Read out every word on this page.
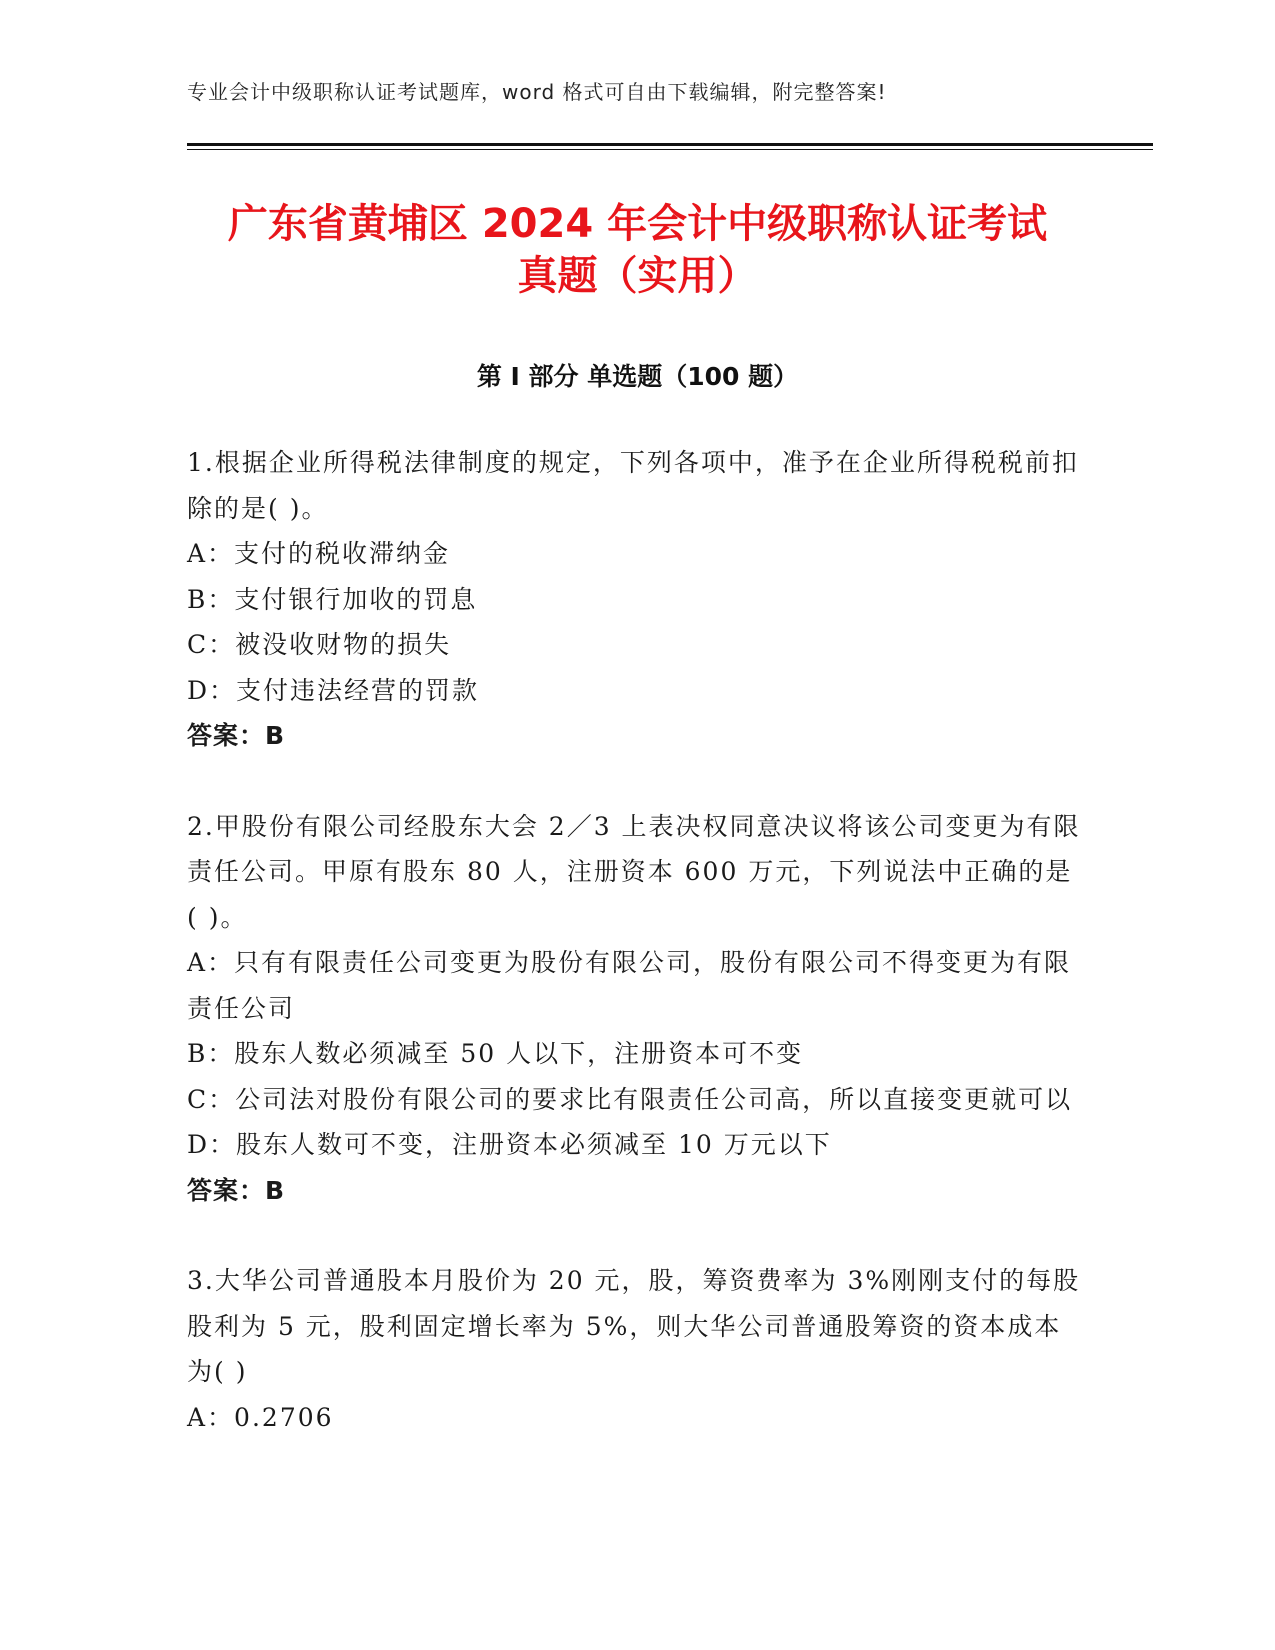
专业会计中级职称认证考试题库，word 格式可自由下载编辑，附完整答案!
广东省黄埔区 2024 年会计中级职称认证考试
真题（实用）
第 I 部分 单选题（100 题）
1.根据企业所得税法律制度的规定，下列各项中，准予在企业所得税税前扣除的是( )。
A：支付的税收滞纳金
B：支付银行加收的罚息
C：被没收财物的损失
D：支付违法经营的罚款
答案：B
2.甲股份有限公司经股东大会 2／3 上表决权同意决议将该公司变更为有限责任公司。甲原有股东 80 人，注册资本 600 万元，下列说法中正确的是( )。
A：只有有限责任公司变更为股份有限公司，股份有限公司不得变更为有限责任公司
B：股东人数必须减至 50 人以下，注册资本可不变
C：公司法对股份有限公司的要求比有限责任公司高，所以直接变更就可以
D：股东人数可不变，注册资本必须减至 10 万元以下
答案：B
3.大华公司普通股本月股价为 20 元，股，筹资费率为 3%刚刚支付的每股股利为 5 元，股利固定增长率为 5%，则大华公司普通股筹资的资本成本为( )
A：0.2706
